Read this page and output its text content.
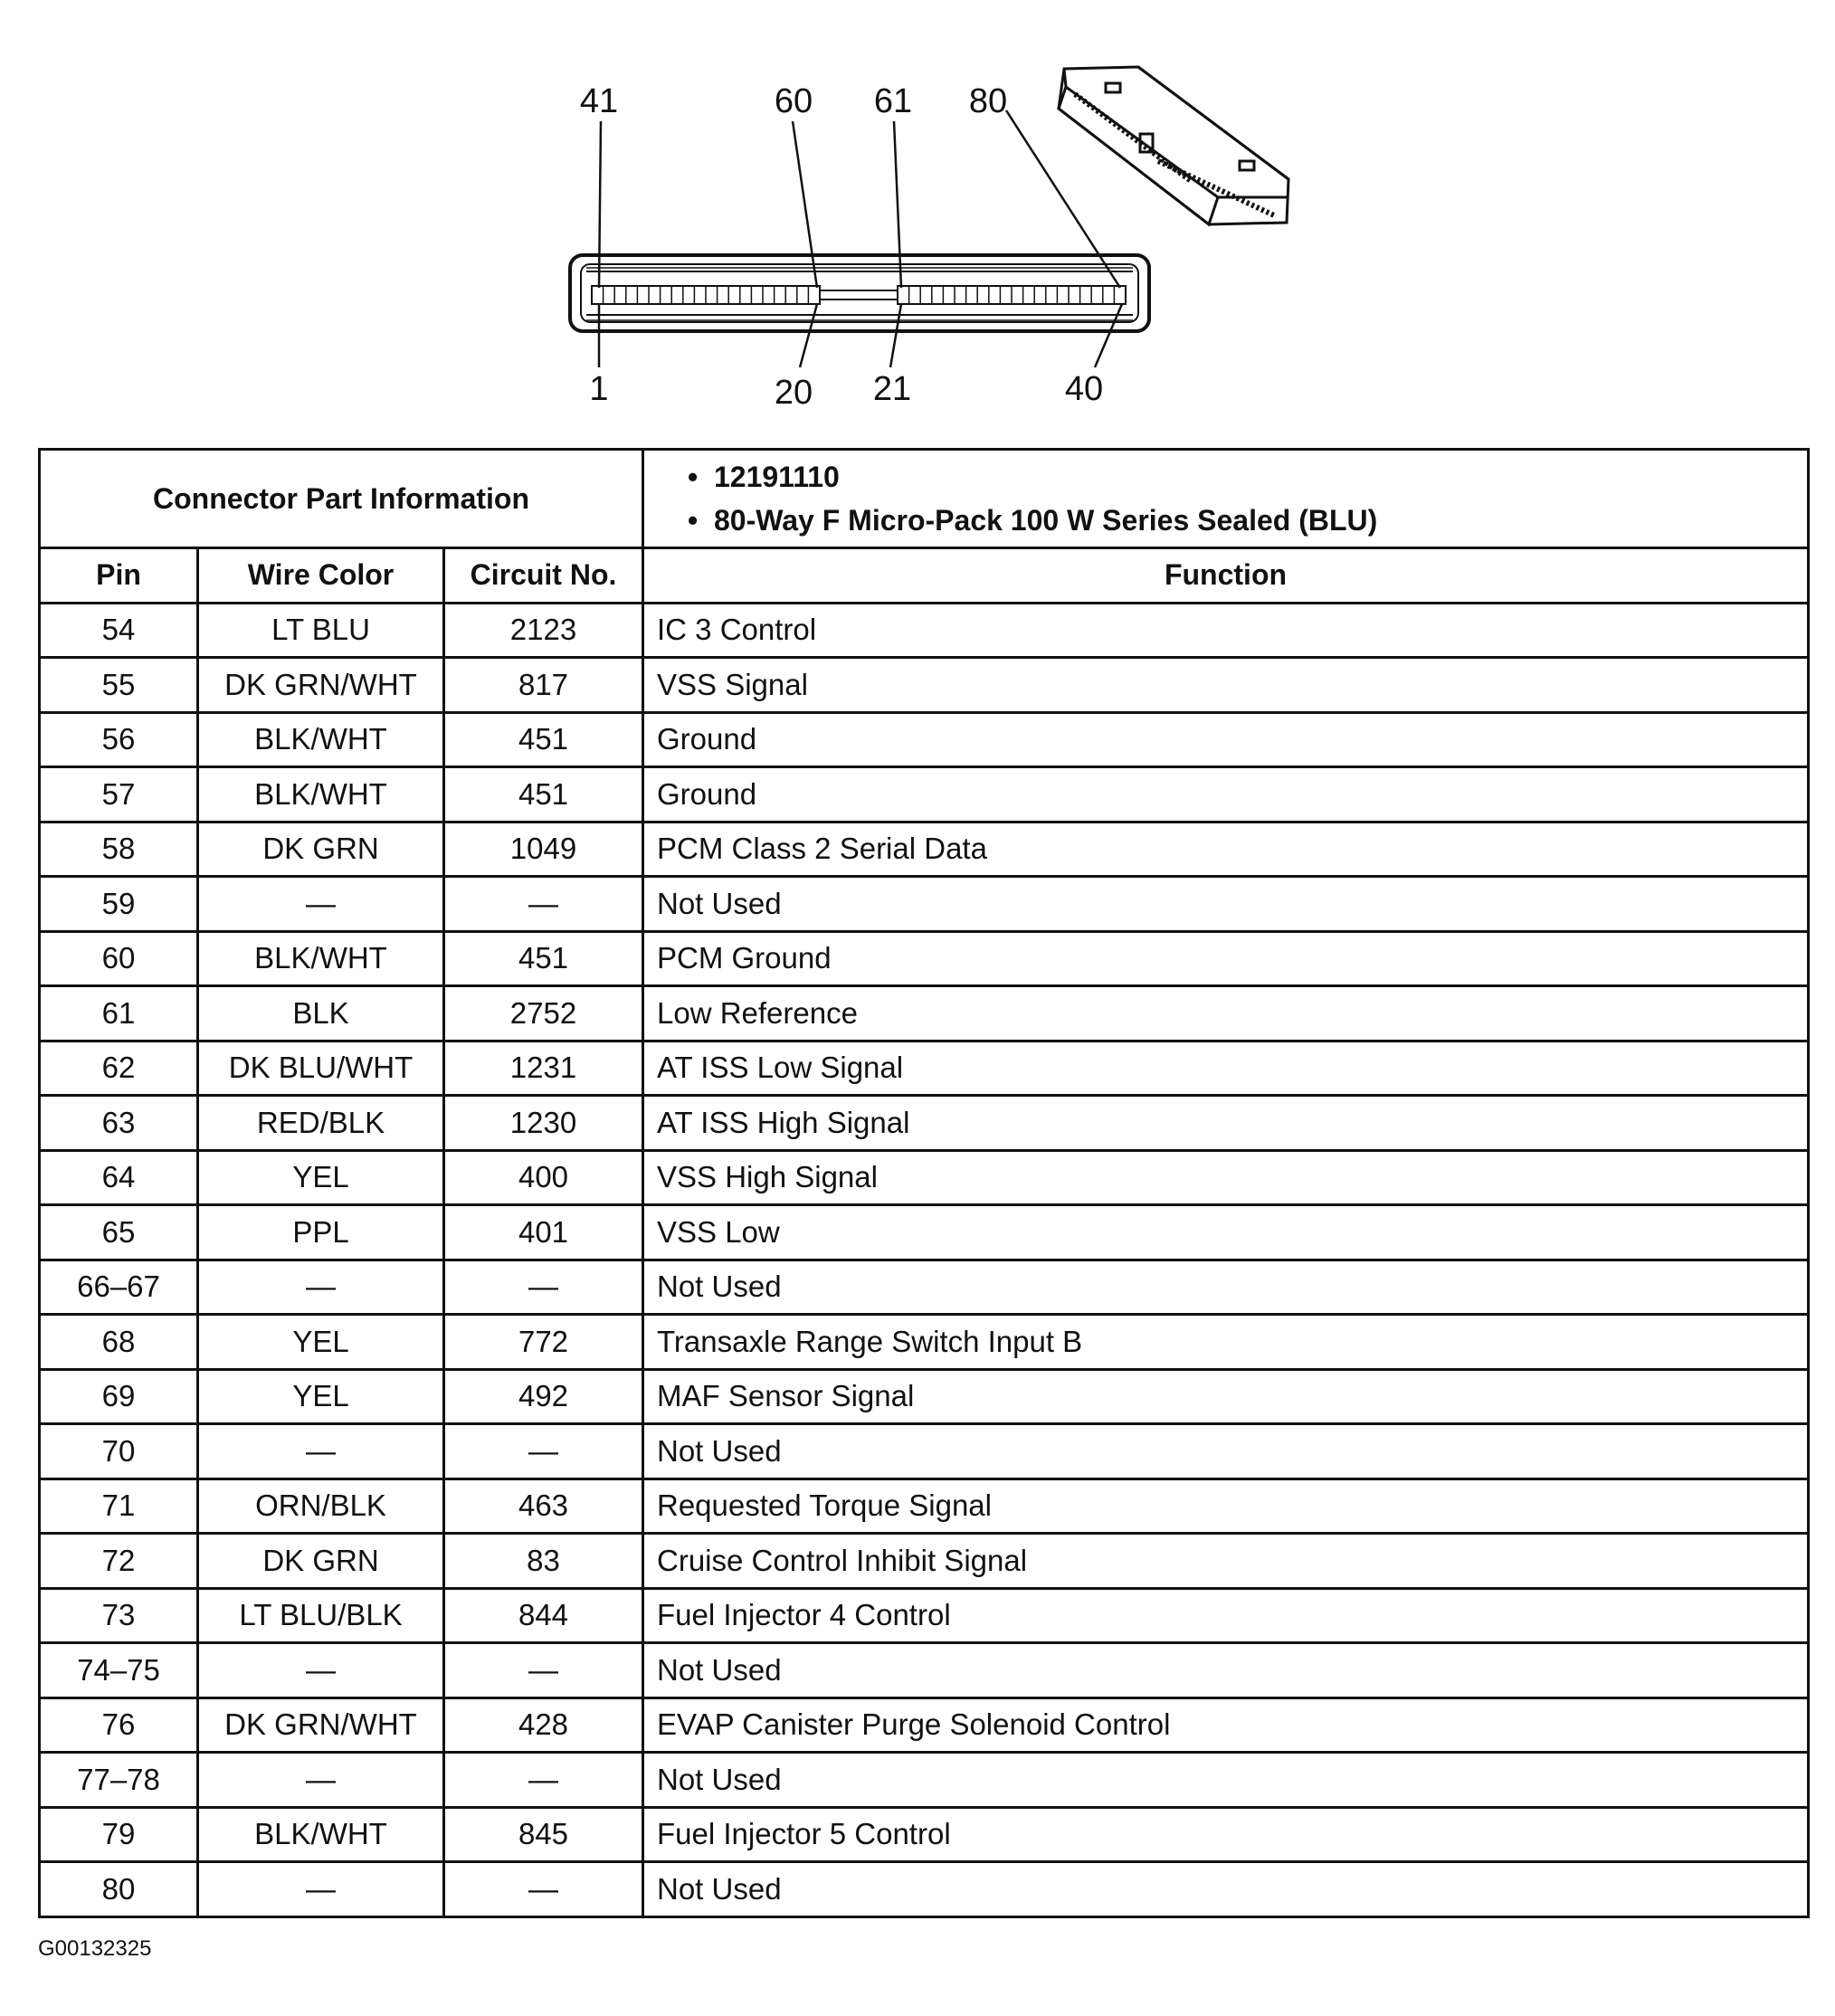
41	60 61 80
1	20 21	40
Connector Part Information			•  12191110
•  80-Way F Micro-Pack 100 W Series Sealed (BLU)

Pin	Wire Color	Circuit No.	Function
54	LT BLU	2123	IC 3 Control
55	DK GRN/WHT	817	VSS Signal
56	BLK/WHT	451	Ground
57	BLK/WHT	451	Ground
58	DK GRN	1049	PCM Class 2 Serial Data
59	—	—	Not Used
60	BLK/WHT	451	PCM Ground
61	BLK	2752	Low Reference
62	DK BLU/WHT	1231	AT ISS Low Signal
63	RED/BLK	1230	AT ISS High Signal
64	YEL	400	VSS High Signal
65	PPL	401	VSS Low
66–67	—	—	Not Used
68	YEL	772	Transaxle Range Switch Input B
69	YEL	492	MAF Sensor Signal
70	—	—	Not Used
71	ORN/BLK	463	Requested Torque Signal
72	DK GRN	83	Cruise Control Inhibit Signal
73	LT BLU/BLK	844	Fuel Injector 4 Control
74–75	—	—	Not Used
76	DK GRN/WHT	428	EVAP Canister Purge Solenoid Control
77–78	—	—	Not Used
79	BLK/WHT	845	Fuel Injector 5 Control
80	—	—	Not Used
G00132325
